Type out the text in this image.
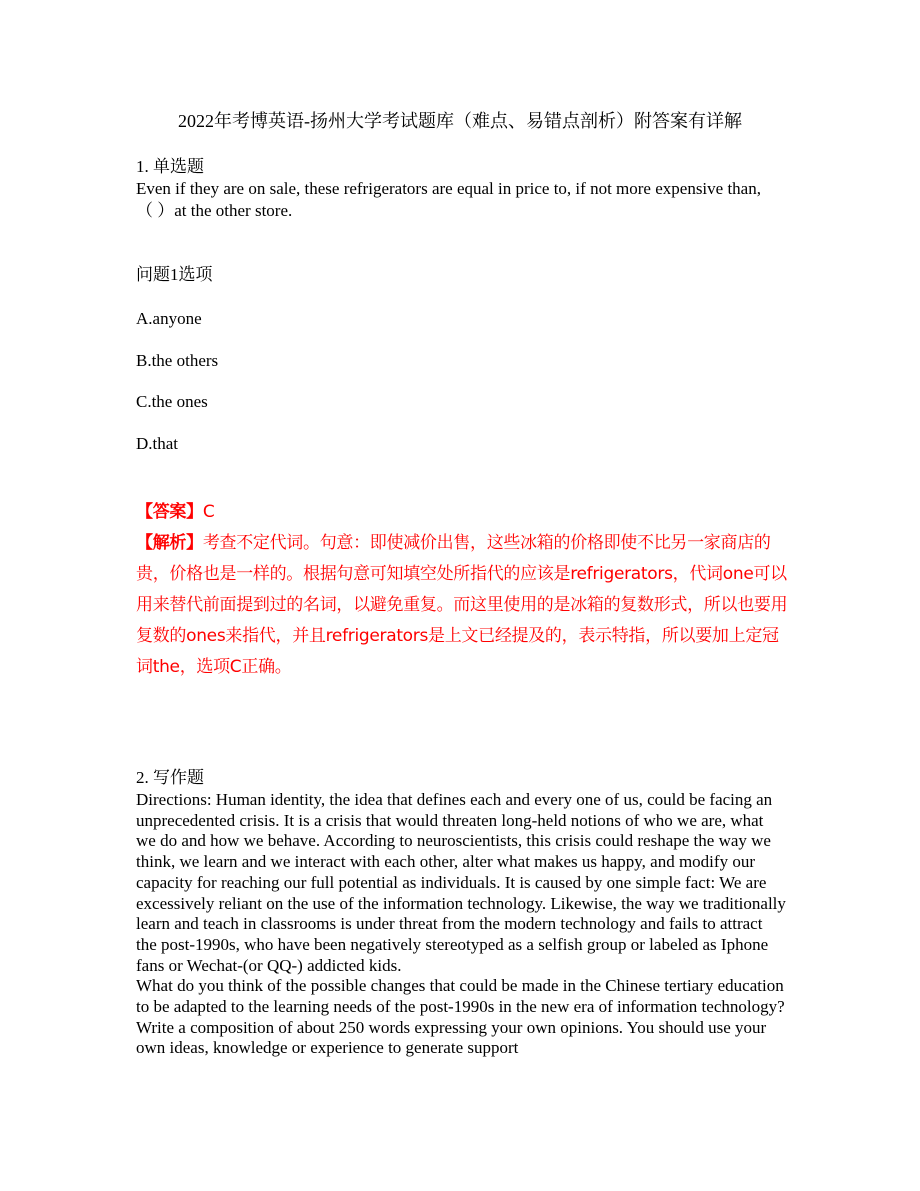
2022年考博英语-扬州大学考试题库（难点、易错点剖析）附答案有详解
1. 单选题
Even if they are on sale, these refrigerators are equal in price to, if not more expensive than,（ ）at the other store.
问题1选项
A.anyone
B.the others
C.the ones
D.that

【答案】C

【解析】考查不定代词。句意：即使减价出售，这些冰箱的价格即使不比另一家商店的贵，价格也是一样的。根据句意可知填空处所指代的应该是refrigerators，代词one可以用来替代前面提到过的名词，以避免重复。而这里使用的是冰箱的复数形式，所以也要用复数的ones来指代，并且refrigerators是上文已经提及的，表示特指，所以要加上定冠词the，选项C正确。

2. 写作题

Directions: Human identity, the idea that defines each and every one of us, could be facing an unprecedented crisis. It is a crisis that would threaten long-held notions of who we are, what we do and how we behave. According to neuroscientists, this crisis could reshape the way we think, we learn and we interact with each other, alter what makes us happy, and modify our capacity for reaching our full potential as individuals. It is caused by one simple fact: We are excessively reliant on the use of the information technology. Likewise, the way we traditionally learn and teach in classrooms is under threat from the modern technology and fails to attract the post-1990s, who have been negatively stereotyped as a selfish group or labeled as Iphone fans or Wechat-(or QQ-) addicted kids.

What do you think of the possible changes that could be made in the Chinese tertiary education to be adapted to the learning needs of the post-1990s in the new era of information technology? Write a composition of about 250 words expressing your own opinions. You should use your own ideas, knowledge or experience to generate support
